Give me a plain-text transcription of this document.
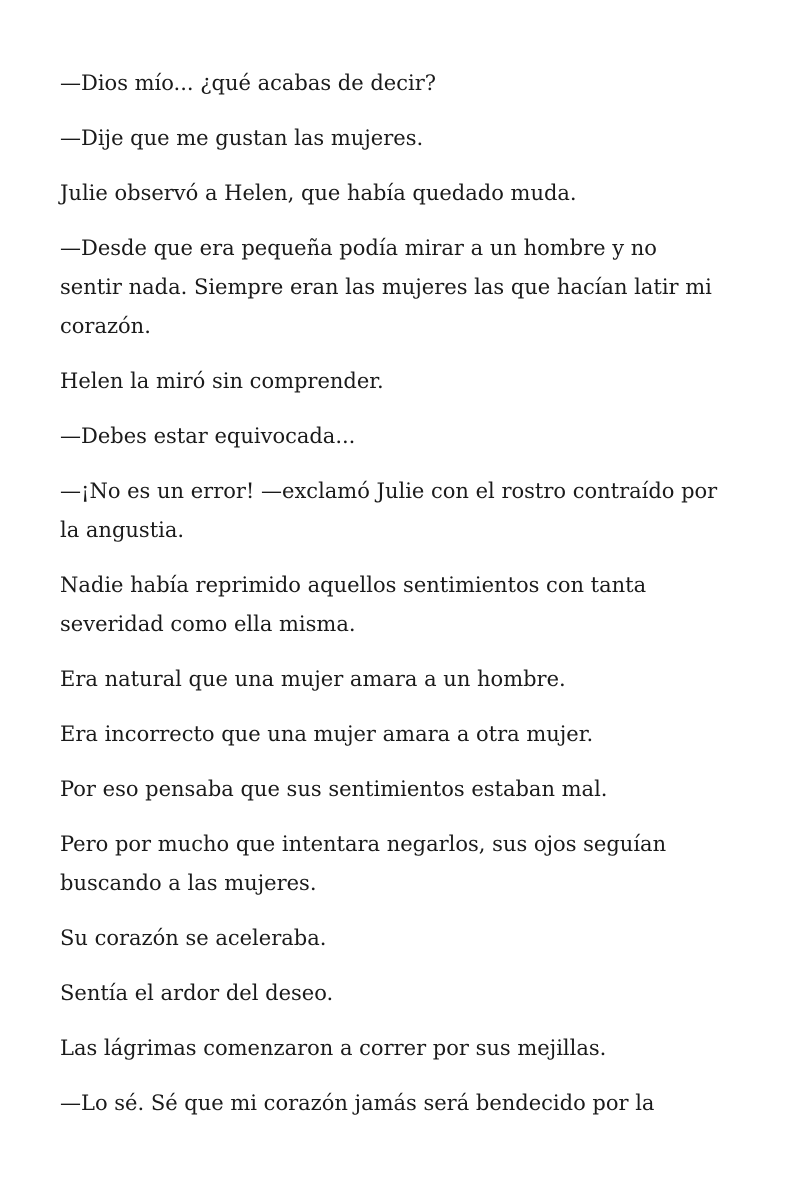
—Dios mío... ¿qué acabas de decir?

—Dije que me gustan las mujeres.

Julie observó a Helen, que había quedado muda.

—Desde que era pequeña podía mirar a un hombre y no sentir nada. Siempre eran las mujeres las que hacían latir mi corazón.

Helen la miró sin comprender.

—Debes estar equivocada...

—¡No es un error! —exclamó Julie con el rostro contraído por la angustia.

Nadie había reprimido aquellos sentimientos con tanta severidad como ella misma.

Era natural que una mujer amara a un hombre.

Era incorrecto que una mujer amara a otra mujer.

Por eso pensaba que sus sentimientos estaban mal.

Pero por mucho que intentara negarlos, sus ojos seguían buscando a las mujeres.

Su corazón se aceleraba.

Sentía el ardor del deseo.

Las lágrimas comenzaron a correr por sus mejillas.

—Lo sé. Sé que mi corazón jamás será bendecido por la
